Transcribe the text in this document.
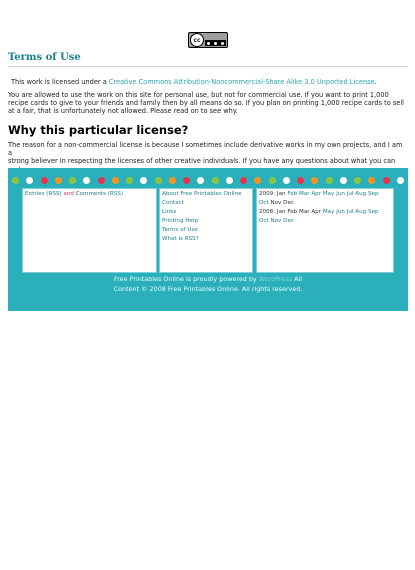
cc
Terms of Use
This work is licensed under a Creative Commons Attribution-Noncommercial-Share Alike 3.0 Unported License.
You are allowed to use the work on this site for personal use, but not for commercial use. If you want to print 1,000
recipe cards to give to your friends and family then by all means do so. If you plan on printing 1,000 recipe cards to sell
at a fair, that is unfortunately not allowed. Please read on to see why.
Why this particular license?
The reason for a non-commercial license is because I sometimes include derivative works in my own projects, and I am a
strong believer in respecting the licenses of other creative individuals. If you have any questions about what you can
Entries (RSS) and Comments (RSS)	About Free Printables Online
Contact
Links
Printing Help
Terms of Use
What is RSS?
2009: Jan Feb Mar Apr May Jun Jul Aug Sep
Oct Nov Dec
2008: Jan Feb Mar Apr May Jun Jul Aug Sep
Oct Nov Dec
Free Printables Online is proudly powered by WordPress All
Content © 2008 Free Printables Online. All rights reserved.
